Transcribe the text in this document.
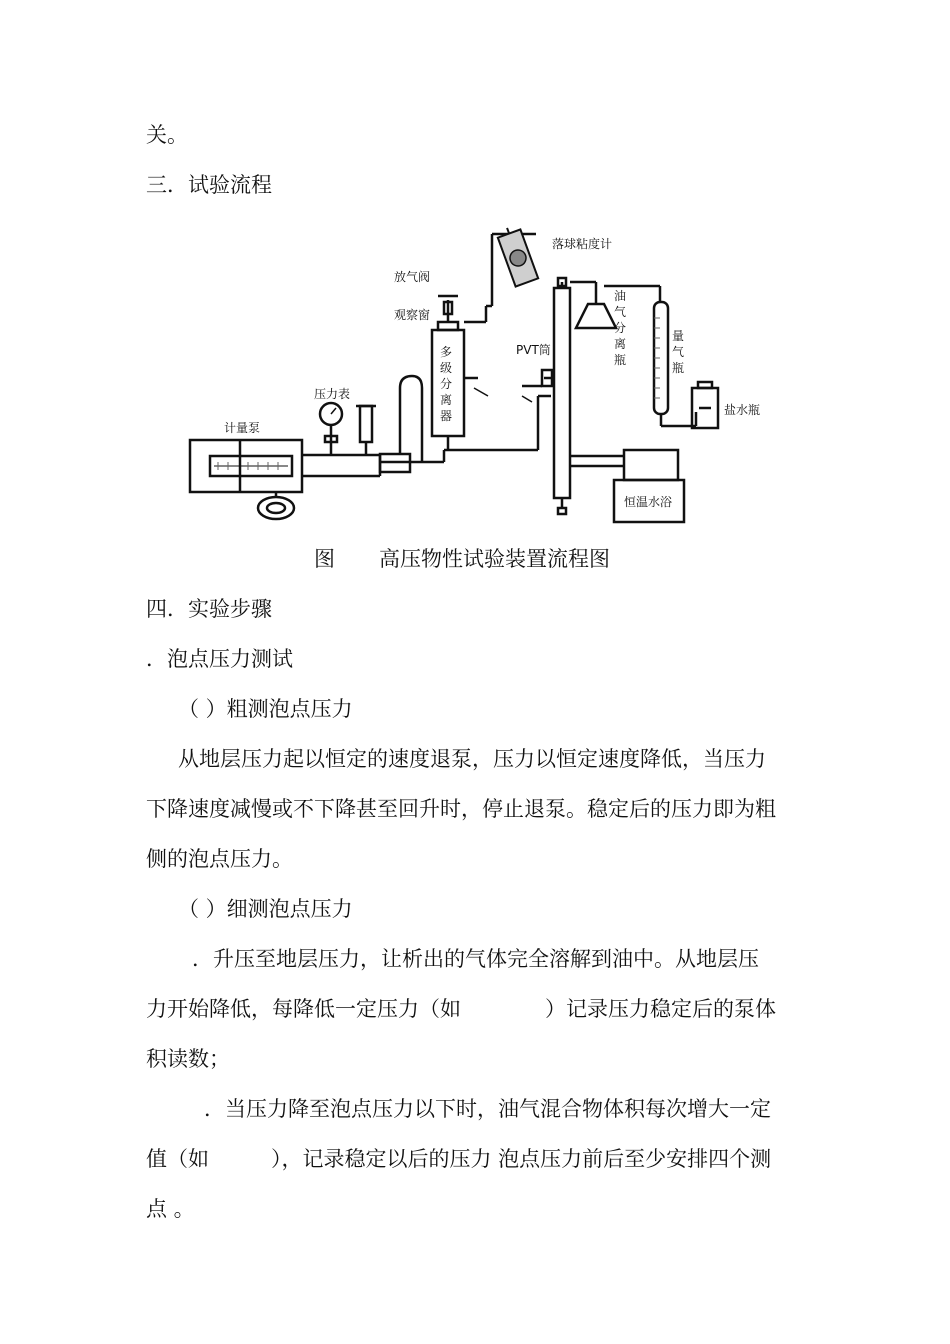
关。
三．试验流程
落球粘度计
放气阀
观察窗
多
级
分
离
器
PVT筒
油
气
分
离
瓶
量
气
瓶
盐水瓶
压力表
计量泵
恒温水浴
图 高压物性试验装置流程图
四．实验步骤
．泡点压力测试
（ ）粗测泡点压力
从地层压力起以恒定的速度退泵，压力以恒定速度降低，当压力
下降速度减慢或不下降甚至回升时，停止退泵。稳定后的压力即为粗
侧的泡点压力。
（ ）细测泡点压力
．升压至地层压力，让析出的气体完全溶解到油中。从地层压
力开始降低，每降低一定压力（如	）记录压力稳定后的泵体
积读数；
．当压力降至泡点压力以下时，油气混合物体积每次增大一定
值（如	），记录稳定以后的压力 泡点压力前后至少安排四个测
点 。
